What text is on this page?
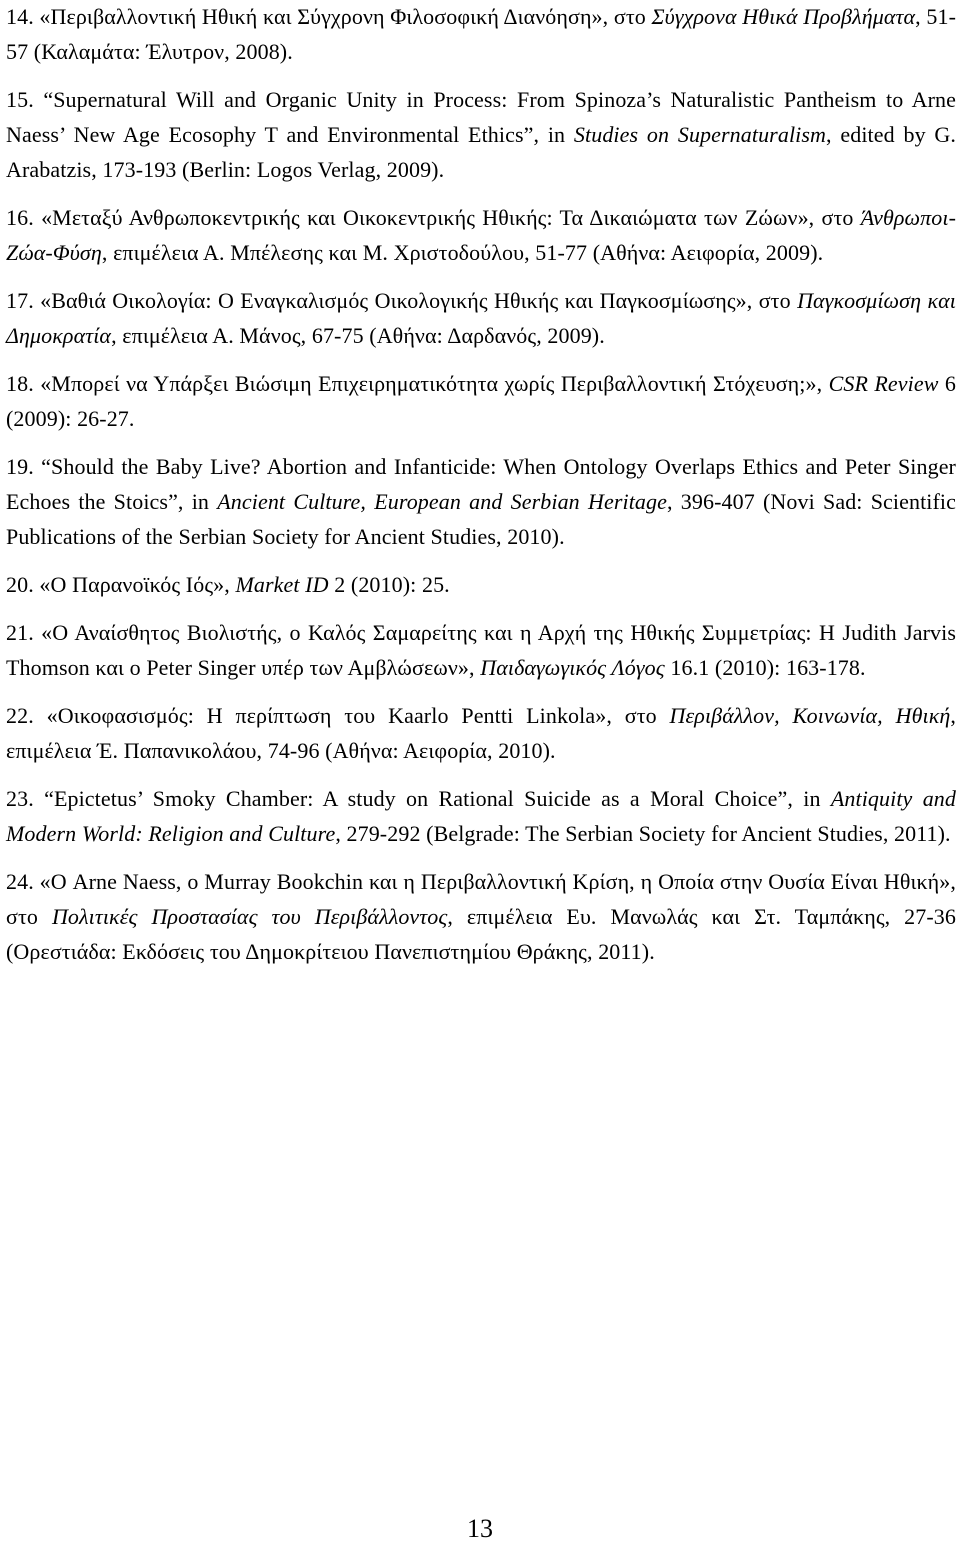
14. «Περιβαλλοντική Ηθική και Σύγχρονη Φιλοσοφική Διανόηση», στο Σύγχρονα Ηθικά Προβλήματα, 51-57 (Καλαμάτα: Έλυτρον, 2008).

15. “Supernatural Will and Organic Unity in Process: From Spinoza’s Naturalistic Pantheism to Arne Naess’ New Age Ecosophy T and Environmental Ethics”, in Studies on Supernaturalism, edited by G. Arabatzis, 173-193 (Berlin: Logos Verlag, 2009).

16. «Μεταξύ Ανθρωποκεντρικής και Οικοκεντρικής Ηθικής: Τα Δικαιώματα των Ζώων», στο Άνθρωποι-Ζώα-Φύση, επιμέλεια Α. Μπέλεσης και Μ. Χριστοδούλου, 51-77 (Αθήνα: Αειφορία, 2009).

17. «Βαθιά Οικολογία: Ο Εναγκαλισμός Οικολογικής Ηθικής και Παγκοσμίωσης», στο Παγκοσμίωση και Δημοκρατία, επιμέλεια Α. Μάνος, 67-75 (Αθήνα: Δαρδανός, 2009).

18. «Μπορεί να Υπάρξει Βιώσιμη Επιχειρηματικότητα χωρίς Περιβαλλοντική Στόχευση;», CSR Review 6 (2009): 26-27.

19. “Should the Baby Live? Abortion and Infanticide: When Ontology Overlaps Ethics and Peter Singer Echoes the Stoics”, in Ancient Culture, European and Serbian Heritage, 396-407 (Novi Sad: Scientific Publications of the Serbian Society for Ancient Studies, 2010).

20. «Ο Παρανοϊκός Ιός», Market ID 2 (2010): 25.

21. «Ο Αναίσθητος Βιολιστής, ο Καλός Σαμαρείτης και η Αρχή της Ηθικής Συμμετρίας: Η Judith Jarvis Thomson και ο Peter Singer υπέρ των Αμβλώσεων», Παιδαγωγικός Λόγος 16.1 (2010): 163-178.

22. «Οικοφασισμός: Η περίπτωση του Kaarlo Pentti Linkola», στο Περιβάλλον, Κοινωνία, Ηθική, επιμέλεια Έ. Παπανικολάου, 74-96 (Αθήνα: Αειφορία, 2010).

23. “Epictetus’ Smoky Chamber: A study on Rational Suicide as a Moral Choice”, in Antiquity and Modern World: Religion and Culture, 279-292 (Belgrade: The Serbian Society for Ancient Studies, 2011).

24. «Ο Arne Naess, ο Murray Bookchin και η Περιβαλλοντική Κρίση, η Οποία στην Ουσία Είναι Ηθική», στο Πολιτικές Προστασίας του Περιβάλλοντος, επιμέλεια Ευ. Μανωλάς και Στ. Ταμπάκης, 27-36 (Ορεστιάδα: Εκδόσεις του Δημοκρίτειου Πανεπιστημίου Θράκης, 2011).

13
